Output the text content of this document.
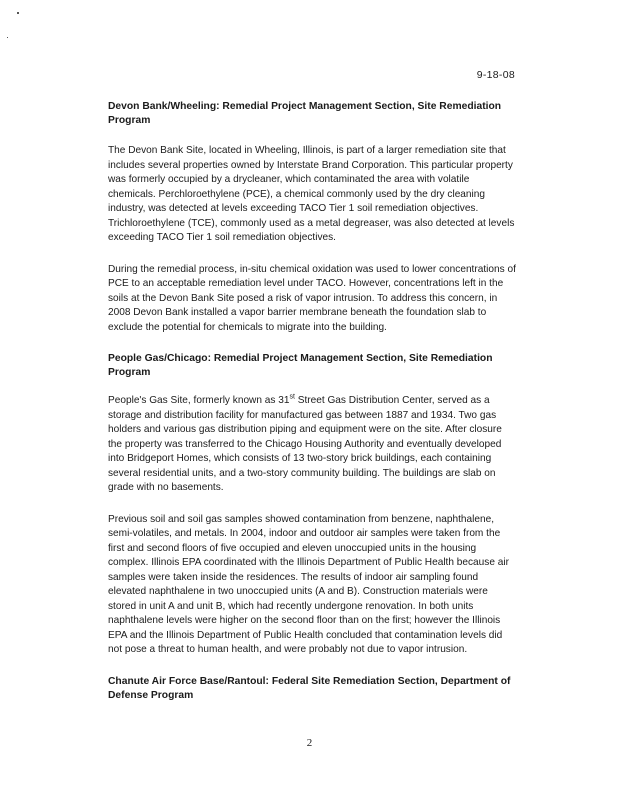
9-18-08

Devon Bank/Wheeling: Remedial Project Management Section, Site Remediation Program

The Devon Bank Site, located in Wheeling, Illinois, is part of a larger remediation site that includes several properties owned by Interstate Brand Corporation. This particular property was formerly occupied by a drycleaner, which contaminated the area with volatile chemicals. Perchloroethylene (PCE), a chemical commonly used by the dry cleaning industry, was detected at levels exceeding TACO Tier 1 soil remediation objectives. Trichloroethylene (TCE), commonly used as a metal degreaser, was also detected at levels exceeding TACO Tier 1 soil remediation objectives.

During the remedial process, in-situ chemical oxidation was used to lower concentrations of PCE to an acceptable remediation level under TACO. However, concentrations left in the soils at the Devon Bank Site posed a risk of vapor intrusion. To address this concern, in 2008 Devon Bank installed a vapor barrier membrane beneath the foundation slab to exclude the potential for chemicals to migrate into the building.

People Gas/Chicago: Remedial Project Management Section, Site Remediation Program

People's Gas Site, formerly known as 31st Street Gas Distribution Center, served as a storage and distribution facility for manufactured gas between 1887 and 1934. Two gas holders and various gas distribution piping and equipment were on the site. After closure the property was transferred to the Chicago Housing Authority and eventually developed into Bridgeport Homes, which consists of 13 two-story brick buildings, each containing several residential units, and a two-story community building. The buildings are slab on grade with no basements.

Previous soil and soil gas samples showed contamination from benzene, naphthalene, semi-volatiles, and metals. In 2004, indoor and outdoor air samples were taken from the first and second floors of five occupied and eleven unoccupied units in the housing complex. Illinois EPA coordinated with the Illinois Department of Public Health because air samples were taken inside the residences. The results of indoor air sampling found elevated naphthalene in two unoccupied units (A and B). Construction materials were stored in unit A and unit B, which had recently undergone renovation. In both units naphthalene levels were higher on the second floor than on the first; however the Illinois EPA and the Illinois Department of Public Health concluded that contamination levels did not pose a threat to human health, and were probably not due to vapor intrusion.

Chanute Air Force Base/Rantoul: Federal Site Remediation Section, Department of Defense Program

2
